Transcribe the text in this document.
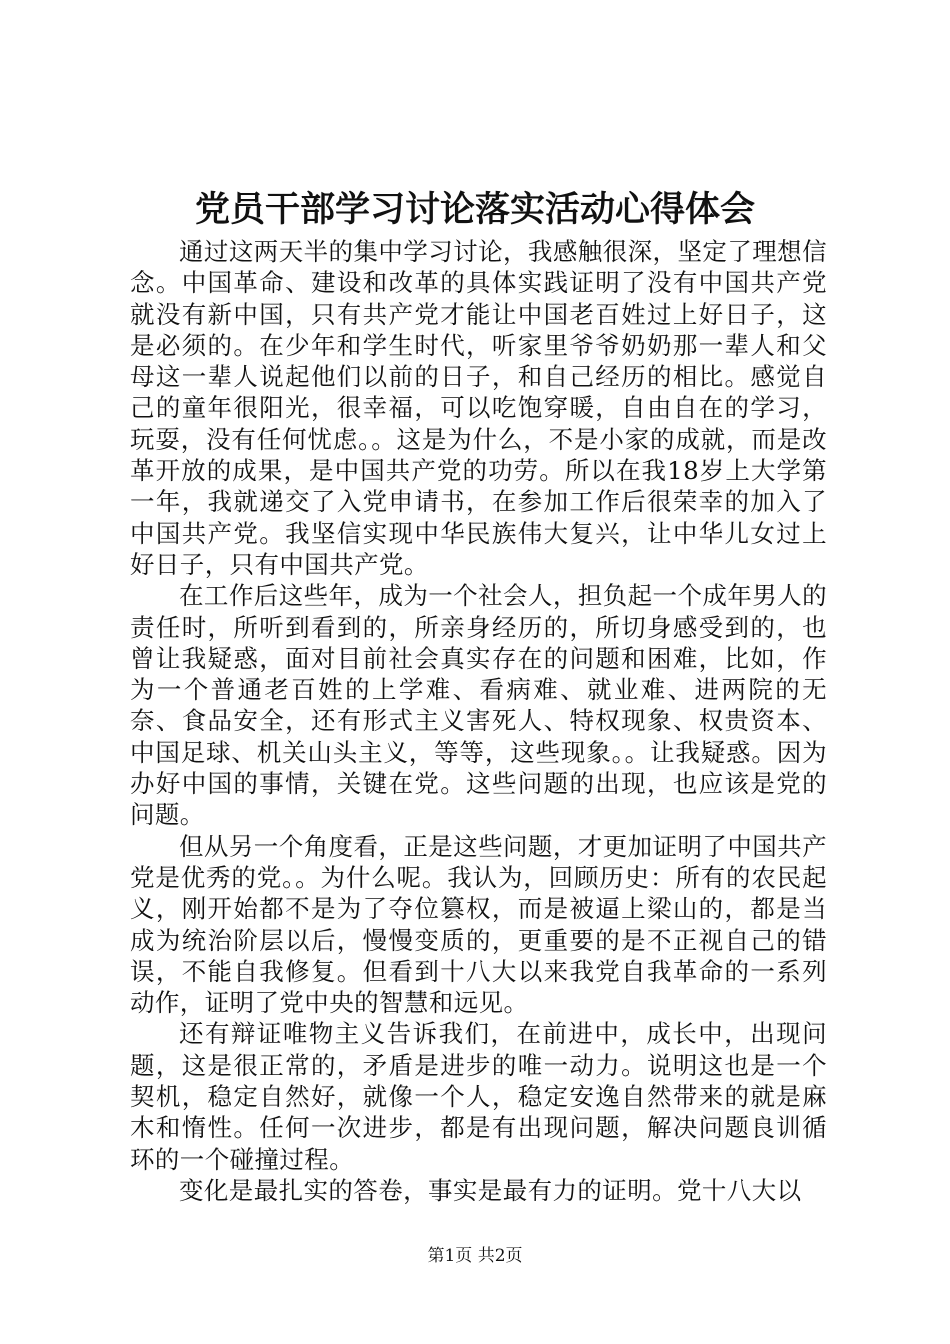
党员干部学习讨论落实活动心得体会

通过这两天半的集中学习讨论，我感触很深，坚定了理想信念。中国革命、建设和改革的具体实践证明了没有中国共产党就没有新中国，只有共产党才能让中国老百姓过上好日子，这是必须的。在少年和学生时代，听家里爷爷奶奶那一辈人和父母这一辈人说起他们以前的日子，和自己经历的相比。感觉自己的童年很阳光，很幸福，可以吃饱穿暖，自由自在的学习，玩耍，没有任何忧虑。。这是为什么，不是小家的成就，而是改革开放的成果，是中国共产党的功劳。所以在我18岁上大学第一年，我就递交了入党申请书，在参加工作后很荣幸的加入了中国共产党。我坚信实现中华民族伟大复兴，让中华儿女过上好日子，只有中国共产党。

在工作后这些年，成为一个社会人，担负起一个成年男人的责任时，所听到看到的，所亲身经历的，所切身感受到的，也曾让我疑惑，面对目前社会真实存在的问题和困难，比如，作为一个普通老百姓的上学难、看病难、就业难、进两院的无奈、食品安全，还有形式主义害死人、特权现象、权贵资本、中国足球、机关山头主义，等等，这些现象。。让我疑惑。因为办好中国的事情，关键在党。这些问题的出现，也应该是党的问题。

但从另一个角度看，正是这些问题，才更加证明了中国共产党是优秀的党。。为什么呢。我认为，回顾历史：所有的农民起义，刚开始都不是为了夺位篡权，而是被逼上梁山的，都是当成为统治阶层以后，慢慢变质的，更重要的是不正视自己的错误，不能自我修复。但看到十八大以来我党自我革命的一系列动作，证明了党中央的智慧和远见。

还有辩证唯物主义告诉我们，在前进中，成长中，出现问题，这是很正常的，矛盾是进步的唯一动力。说明这也是一个契机，稳定自然好，就像一个人，稳定安逸自然带来的就是麻木和惰性。任何一次进步，都是有出现问题，解决问题良训循环的一个碰撞过程。

变化是最扎实的答卷，事实是最有力的证明。党十八大以

第1页 共2页
